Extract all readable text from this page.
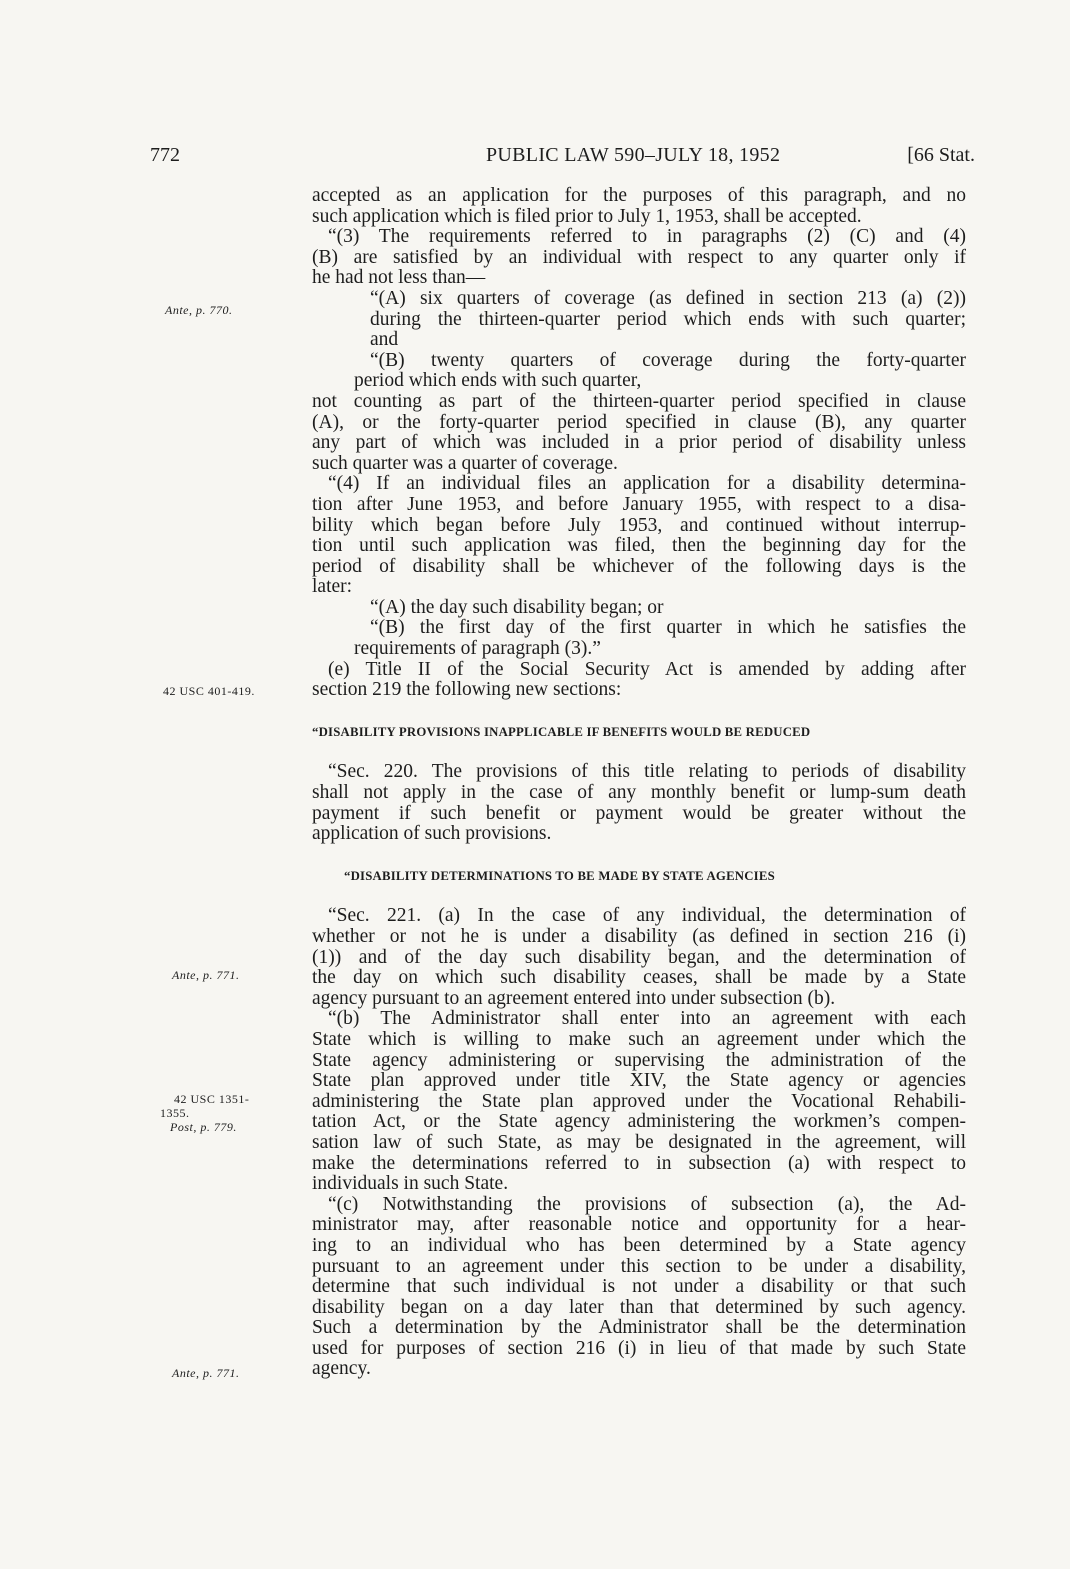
772	PUBLIC LAW 590–JULY 18, 1952	[66 Stat.
Ante, p. 770.
42 USC 401-419.
Ante, p. 771.
42 USC 1351-
1355.
Post, p. 779.
Ante, p. 771.
accepted as an application for the purposes of this paragraph, and no
such application which is filed prior to July 1, 1953, shall be accepted.
“(3) The requirements referred to in paragraphs (2) (C) and (4)
(B) are satisfied by an individual with respect to any quarter only if
he had not less than—
“(A) six quarters of coverage (as defined in section 213 (a) (2))
during the thirteen-quarter period which ends with such quarter;
and
“(B) twenty quarters of coverage during the forty-quarter
period which ends with such quarter,
not counting as part of the thirteen-quarter period specified in clause
(A), or the forty-quarter period specified in clause (B), any quarter
any part of which was included in a prior period of disability unless
such quarter was a quarter of coverage.
“(4) If an individual files an application for a disability determina-
tion after June 1953, and before January 1955, with respect to a disa-
bility which began before July 1953, and continued without interrup-
tion until such application was filed, then the beginning day for the
period of disability shall be whichever of the following days is the
later:
“(A) the day such disability began; or
“(B) the first day of the first quarter in which he satisfies the
requirements of paragraph (3).”
(e) Title II of the Social Security Act is amended by adding after
section 219 the following new sections:
“DISABILITY PROVISIONS INAPPLICABLE IF BENEFITS WOULD BE REDUCED
“Sec. 220. The provisions of this title relating to periods of disability
shall not apply in the case of any monthly benefit or lump-sum death
payment if such benefit or payment would be greater without the
application of such provisions.
“DISABILITY DETERMINATIONS TO BE MADE BY STATE AGENCIES
“Sec. 221. (a) In the case of any individual, the determination of
whether or not he is under a disability (as defined in section 216 (i)
(1)) and of the day such disability began, and the determination of
the day on which such disability ceases, shall be made by a State
agency pursuant to an agreement entered into under subsection (b).
“(b) The Administrator shall enter into an agreement with each
State which is willing to make such an agreement under which the
State agency administering or supervising the administration of the
State plan approved under title XIV, the State agency or agencies
administering the State plan approved under the Vocational Rehabili-
tation Act, or the State agency administering the workmen’s compen-
sation law of such State, as may be designated in the agreement, will
make the determinations referred to in subsection (a) with respect to
individuals in such State.
“(c) Notwithstanding the provisions of subsection (a), the Ad-
ministrator may, after reasonable notice and opportunity for a hear-
ing to an individual who has been determined by a State agency
pursuant to an agreement under this section to be under a disability,
determine that such individual is not under a disability or that such
disability began on a day later than that determined by such agency.
Such a determination by the Administrator shall be the determination
used for purposes of section 216 (i) in lieu of that made by such State
agency.
